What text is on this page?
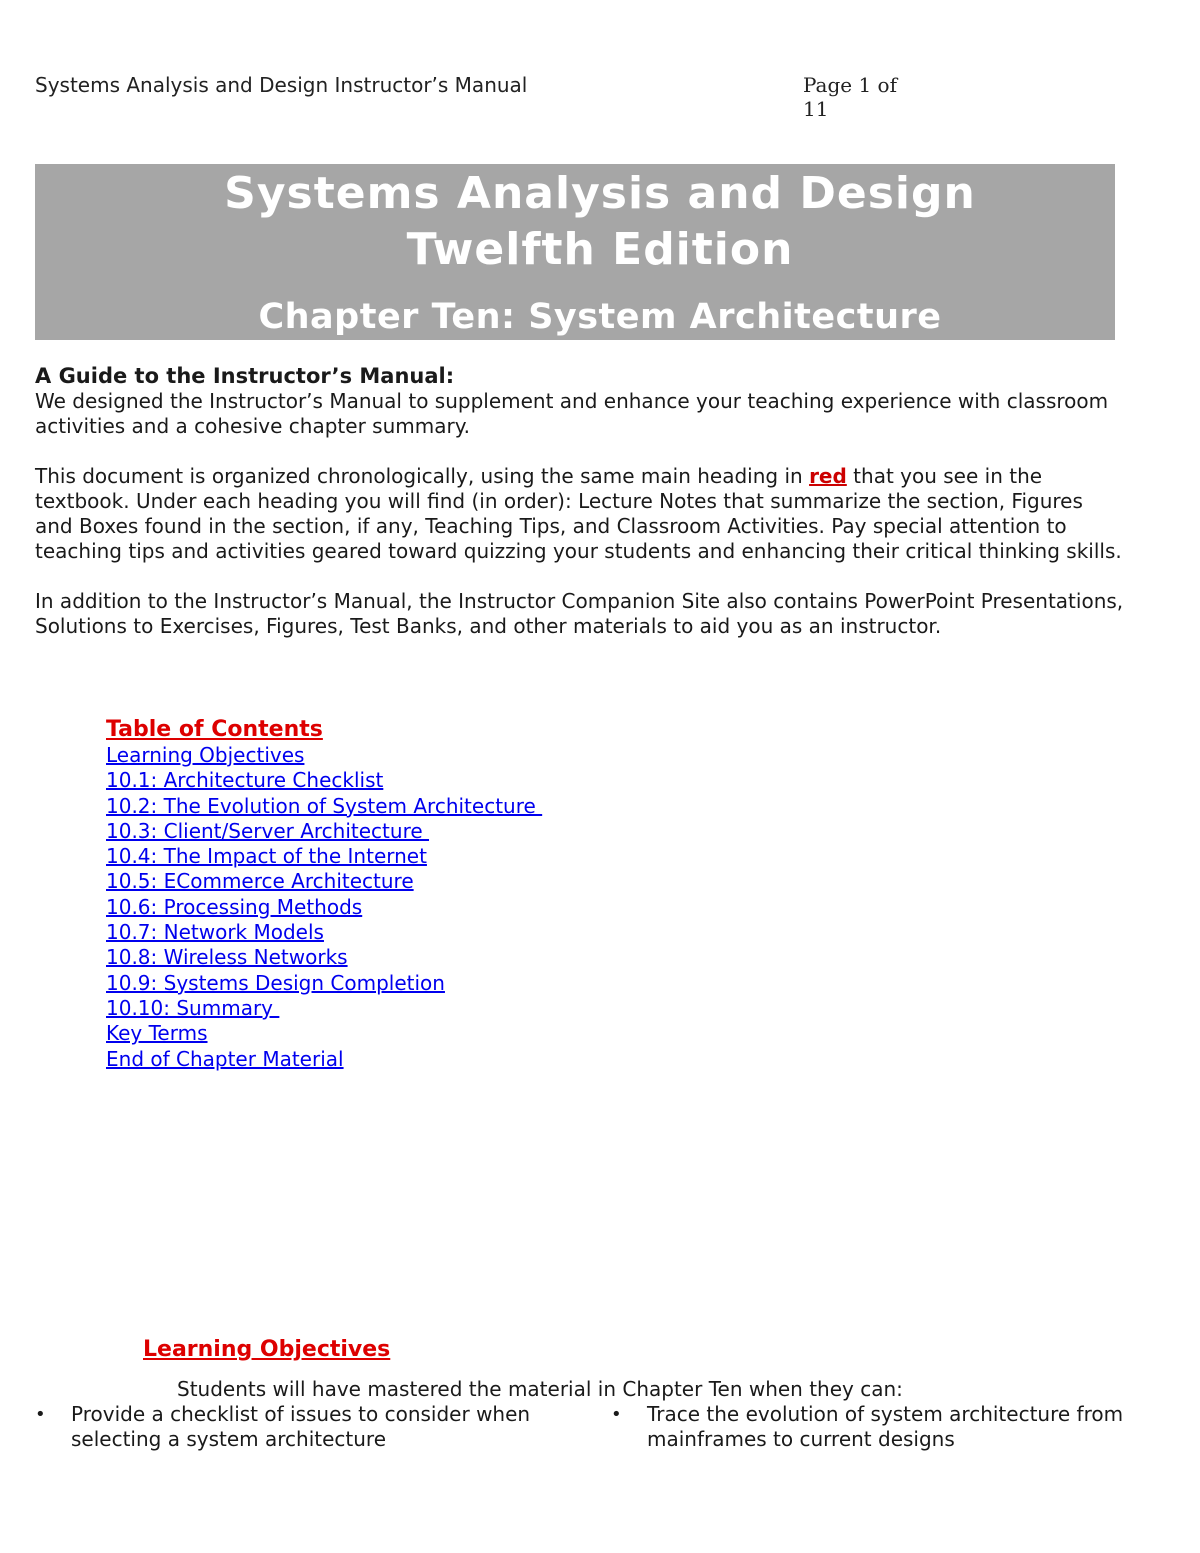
Systems Analysis and Design Instructor’s Manual	Page 1 of 11
Systems Analysis and Design
Twelfth Edition
Chapter Ten: System Architecture
A Guide to the Instructor’s Manual:

We designed the Instructor’s Manual to supplement and enhance your teaching experience with classroom activities and a cohesive chapter summary.

This document is organized chronologically, using the same main heading in red that you see in the textbook. Under each heading you will find (in order): Lecture Notes that summarize the section, Figures and Boxes found in the section, if any, Teaching Tips, and Classroom Activities. Pay special attention to teaching tips and activities geared toward quizzing your students and enhancing their critical thinking skills.

In addition to the Instructor’s Manual, the Instructor Companion Site also contains PowerPoint Presentations, Solutions to Exercises, Figures, Test Banks, and other materials to aid you as an instructor.

Table of Contents
Learning Objectives
10.1: Architecture Checklist
10.2: The Evolution of System Architecture
10.3: Client/Server Architecture
10.4: The Impact of the Internet
10.5: ECommerce Architecture
10.6: Processing Methods
10.7: Network Models
10.8: Wireless Networks
10.9: Systems Design Completion
10.10: Summary
Key Terms
End of Chapter Material
Learning Objectives
Students will have mastered the material in Chapter Ten when they can:
• Provide a checklist of issues to consider when selecting a system architecture
• Trace the evolution of system architecture from mainframes to current designs
